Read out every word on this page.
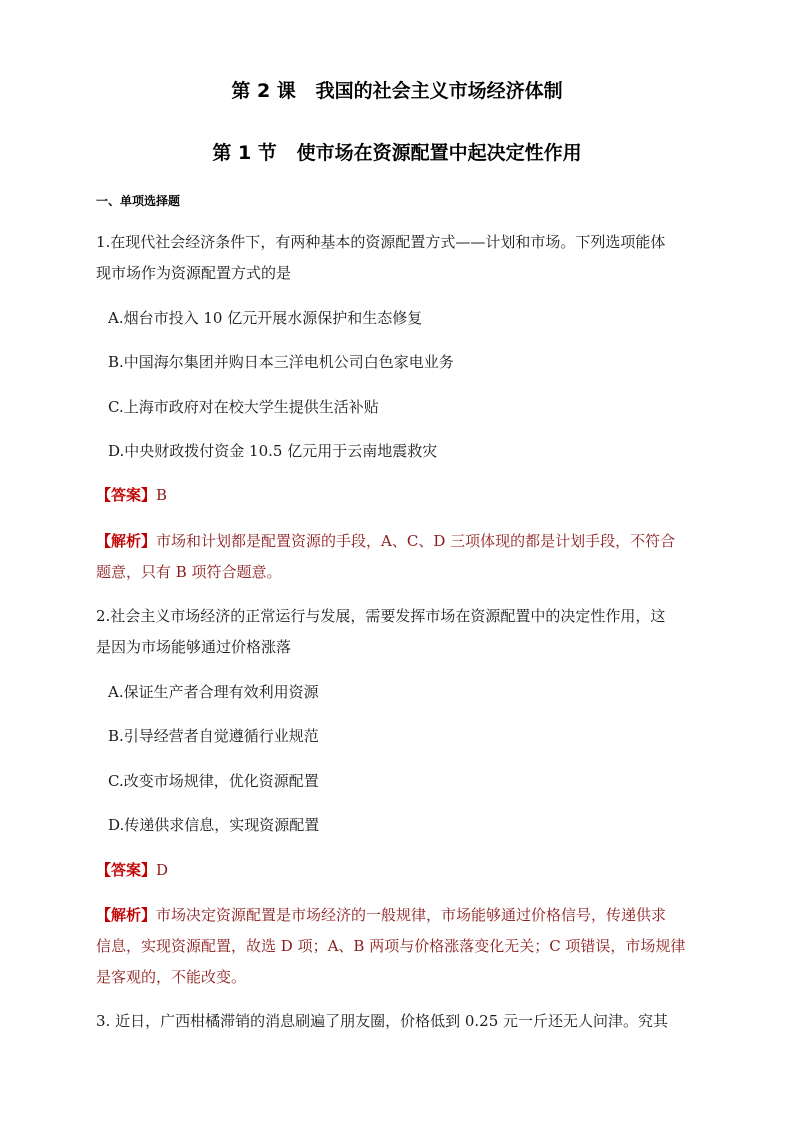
第 2 课   我国的社会主义市场经济体制
第 1 节   使市场在资源配置中起决定性作用
一、单项选择题
1.在现代社会经济条件下，有两种基本的资源配置方式——计划和市场。下列选项能体
现市场作为资源配置方式的是
A.烟台市投入 10 亿元开展水源保护和生态修复
B.中国海尔集团并购日本三洋电机公司白色家电业务
C.上海市政府对在校大学生提供生活补贴
D.中央财政拨付资金 10.5 亿元用于云南地震救灾
【答案】B
【解析】市场和计划都是配置资源的手段，A、C、D 三项体现的都是计划手段，不符合
题意，只有 B 项符合题意。
2.社会主义市场经济的正常运行与发展，需要发挥市场在资源配置中的决定性作用，这
是因为市场能够通过价格涨落
A.保证生产者合理有效利用资源
B.引导经营者自觉遵循行业规范
C.改变市场规律，优化资源配置
D.传递供求信息，实现资源配置
【答案】D
【解析】市场决定资源配置是市场经济的一般规律，市场能够通过价格信号，传递供求
信息，实现资源配置，故选 D 项；A、B 两项与价格涨落变化无关；C 项错误，市场规律
是客观的，不能改变。
3. 近日，广西柑橘滞销的消息刷遍了朋友圈，价格低到 0.25 元一斤还无人问津。究其
